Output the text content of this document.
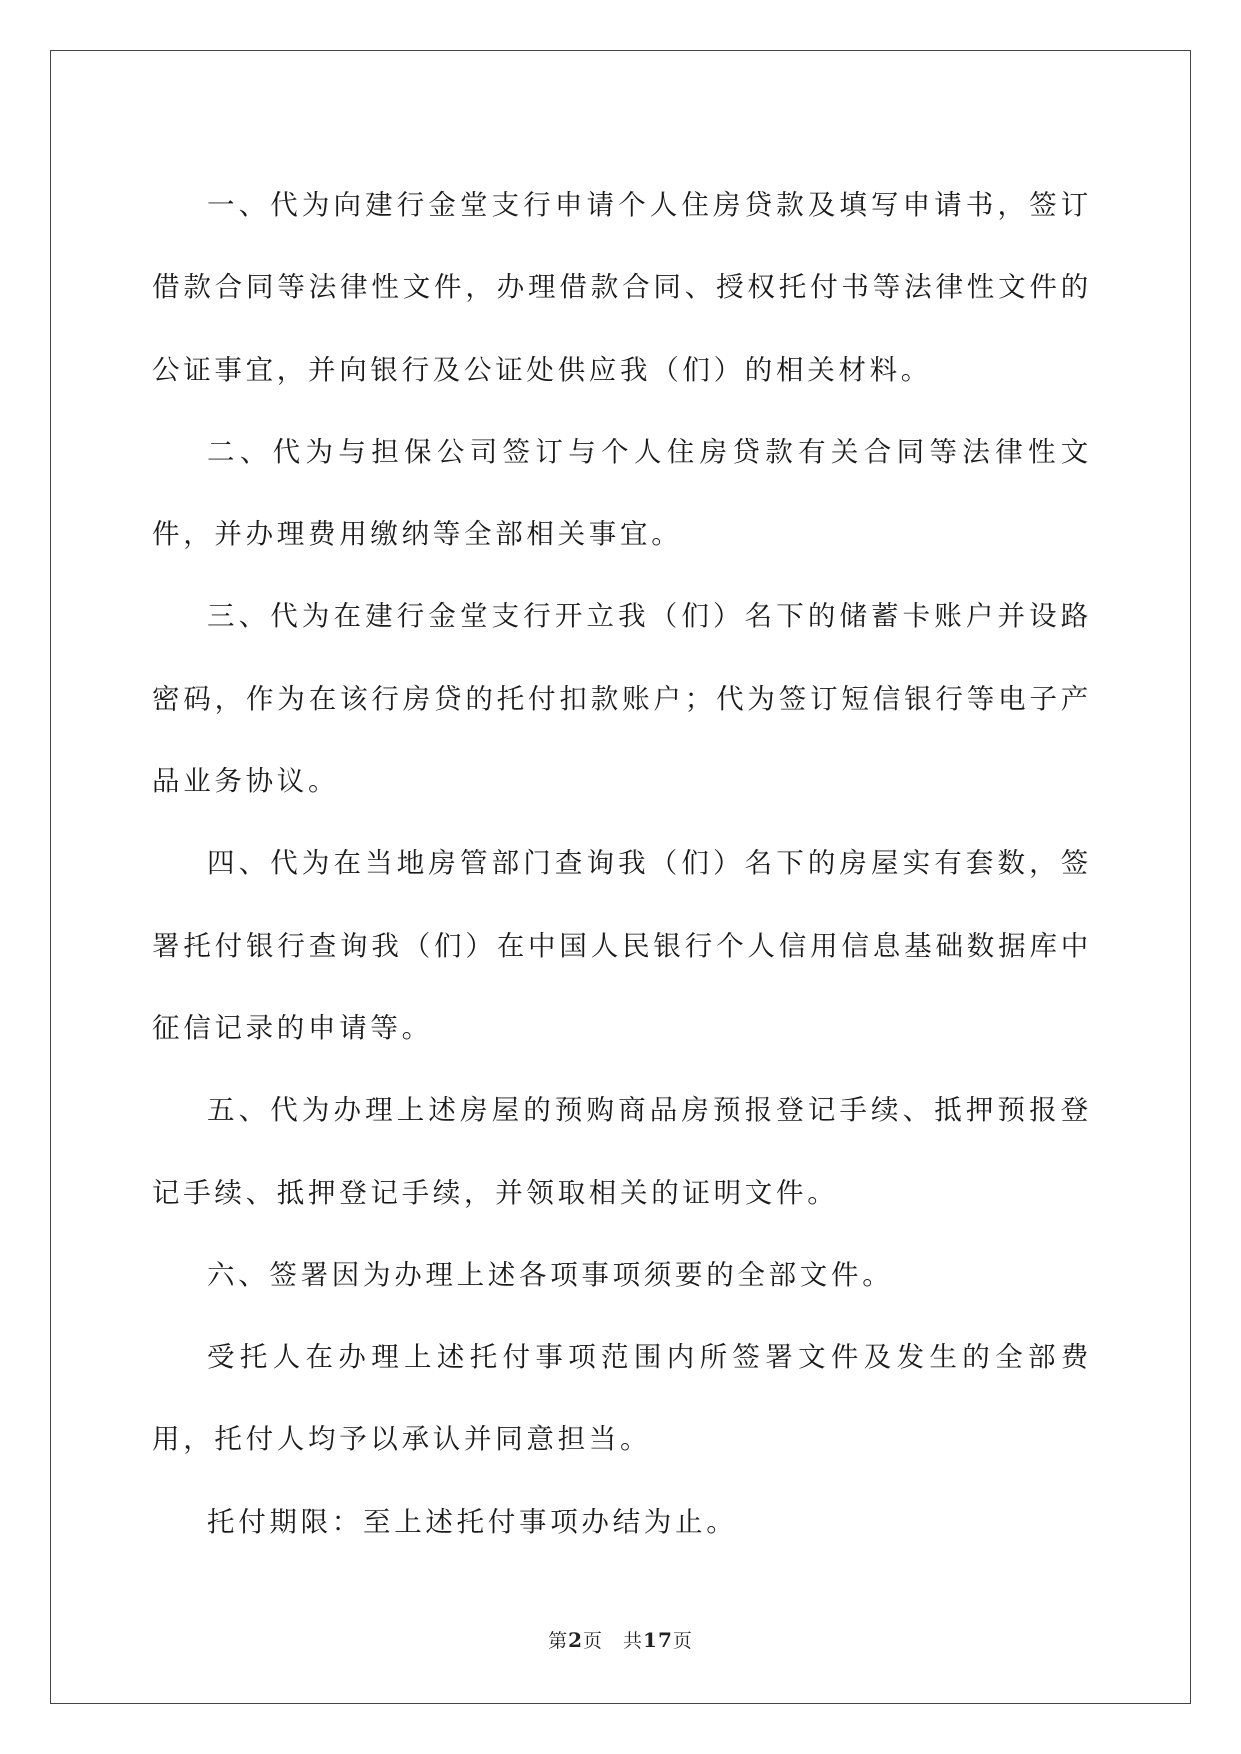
一、代为向建行金堂支行申请个人住房贷款及填写申请书，签订借款合同等法律性文件，办理借款合同、授权托付书等法律性文件的公证事宜，并向银行及公证处供应我（们）的相关材料。

二、代为与担保公司签订与个人住房贷款有关合同等法律性文件，并办理费用缴纳等全部相关事宜。

三、代为在建行金堂支行开立我（们）名下的储蓄卡账户并设路密码，作为在该行房贷的托付扣款账户；代为签订短信银行等电子产品业务协议。

四、代为在当地房管部门查询我（们）名下的房屋实有套数，签署托付银行查询我（们）在中国人民银行个人信用信息基础数据库中征信记录的申请等。

五、代为办理上述房屋的预购商品房预报登记手续、抵押预报登记手续、抵押登记手续，并领取相关的证明文件。

六、签署因为办理上述各项事项须要的全部文件。

受托人在办理上述托付事项范围内所签署文件及发生的全部费用，托付人均予以承认并同意担当。

托付期限：至上述托付事项办结为止。

第2页 共17页
